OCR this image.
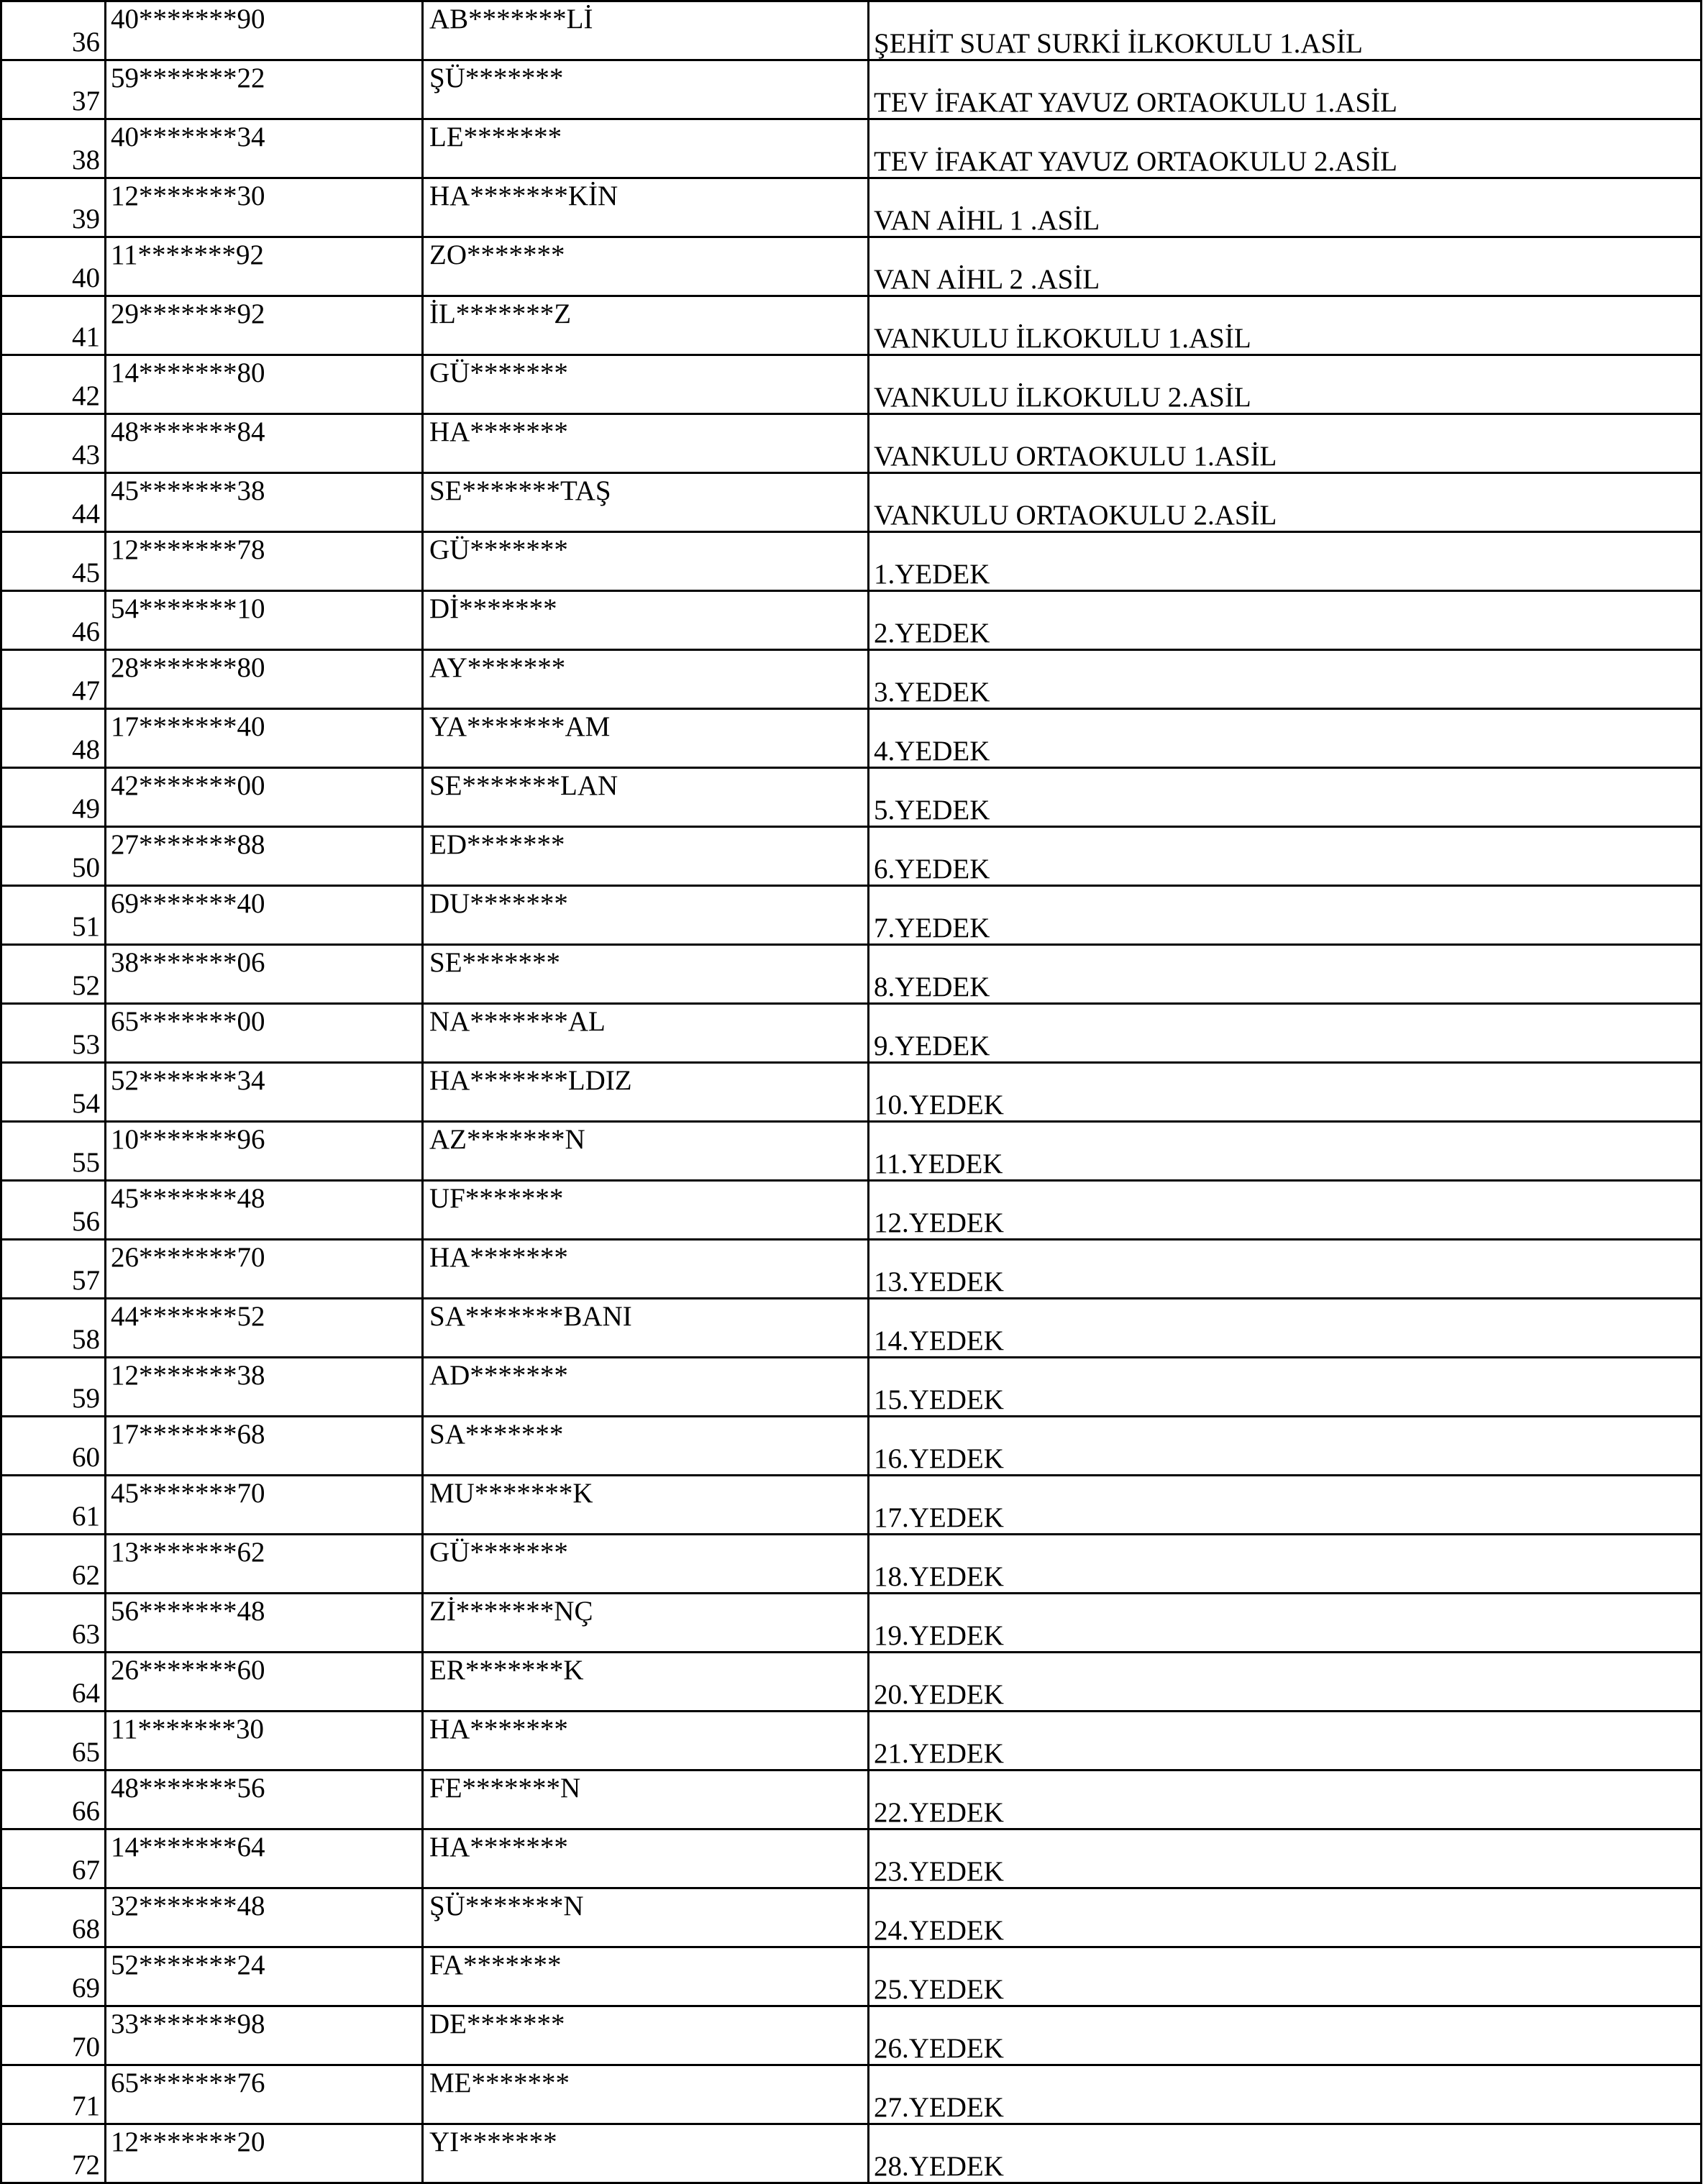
36	40*******90	AB*******Lİ	ŞEHİT SUAT SURKİ İLKOKULU 1.ASİL
37	59*******22	ŞÜ*******	TEV İFAKAT YAVUZ ORTAOKULU 1.ASİL
38	40*******34	LE*******	TEV İFAKAT YAVUZ ORTAOKULU 2.ASİL
39	12*******30	HA*******KİN	VAN AİHL 1 .ASİL
40	11*******92	ZO*******	VAN AİHL 2 .ASİL
41	29*******92	İL*******Z	VANKULU İLKOKULU 1.ASİL
42	14*******80	GÜ*******	VANKULU İLKOKULU 2.ASİL
43	48*******84	HA*******	VANKULU ORTAOKULU 1.ASİL
44	45*******38	SE*******TAŞ	VANKULU ORTAOKULU 2.ASİL
45	12*******78	GÜ*******	1.YEDEK
46	54*******10	Dİ*******	2.YEDEK
47	28*******80	AY*******	3.YEDEK
48	17*******40	YA*******AM	4.YEDEK
49	42*******00	SE*******LAN	5.YEDEK
50	27*******88	ED*******	6.YEDEK
51	69*******40	DU*******	7.YEDEK
52	38*******06	SE*******	8.YEDEK
53	65*******00	NA*******AL	9.YEDEK
54	52*******34	HA*******LDIZ	10.YEDEK
55	10*******96	AZ*******N	11.YEDEK
56	45*******48	UF*******	12.YEDEK
57	26*******70	HA*******	13.YEDEK
58	44*******52	SA*******BANI	14.YEDEK
59	12*******38	AD*******	15.YEDEK
60	17*******68	SA*******	16.YEDEK
61	45*******70	MU*******K	17.YEDEK
62	13*******62	GÜ*******	18.YEDEK
63	56*******48	Zİ*******NÇ	19.YEDEK
64	26*******60	ER*******K	20.YEDEK
65	11*******30	HA*******	21.YEDEK
66	48*******56	FE*******N	22.YEDEK
67	14*******64	HA*******	23.YEDEK
68	32*******48	ŞÜ*******N	24.YEDEK
69	52*******24	FA*******	25.YEDEK
70	33*******98	DE*******	26.YEDEK
71	65*******76	ME*******	27.YEDEK
72	12*******20	YI*******	28.YEDEK
